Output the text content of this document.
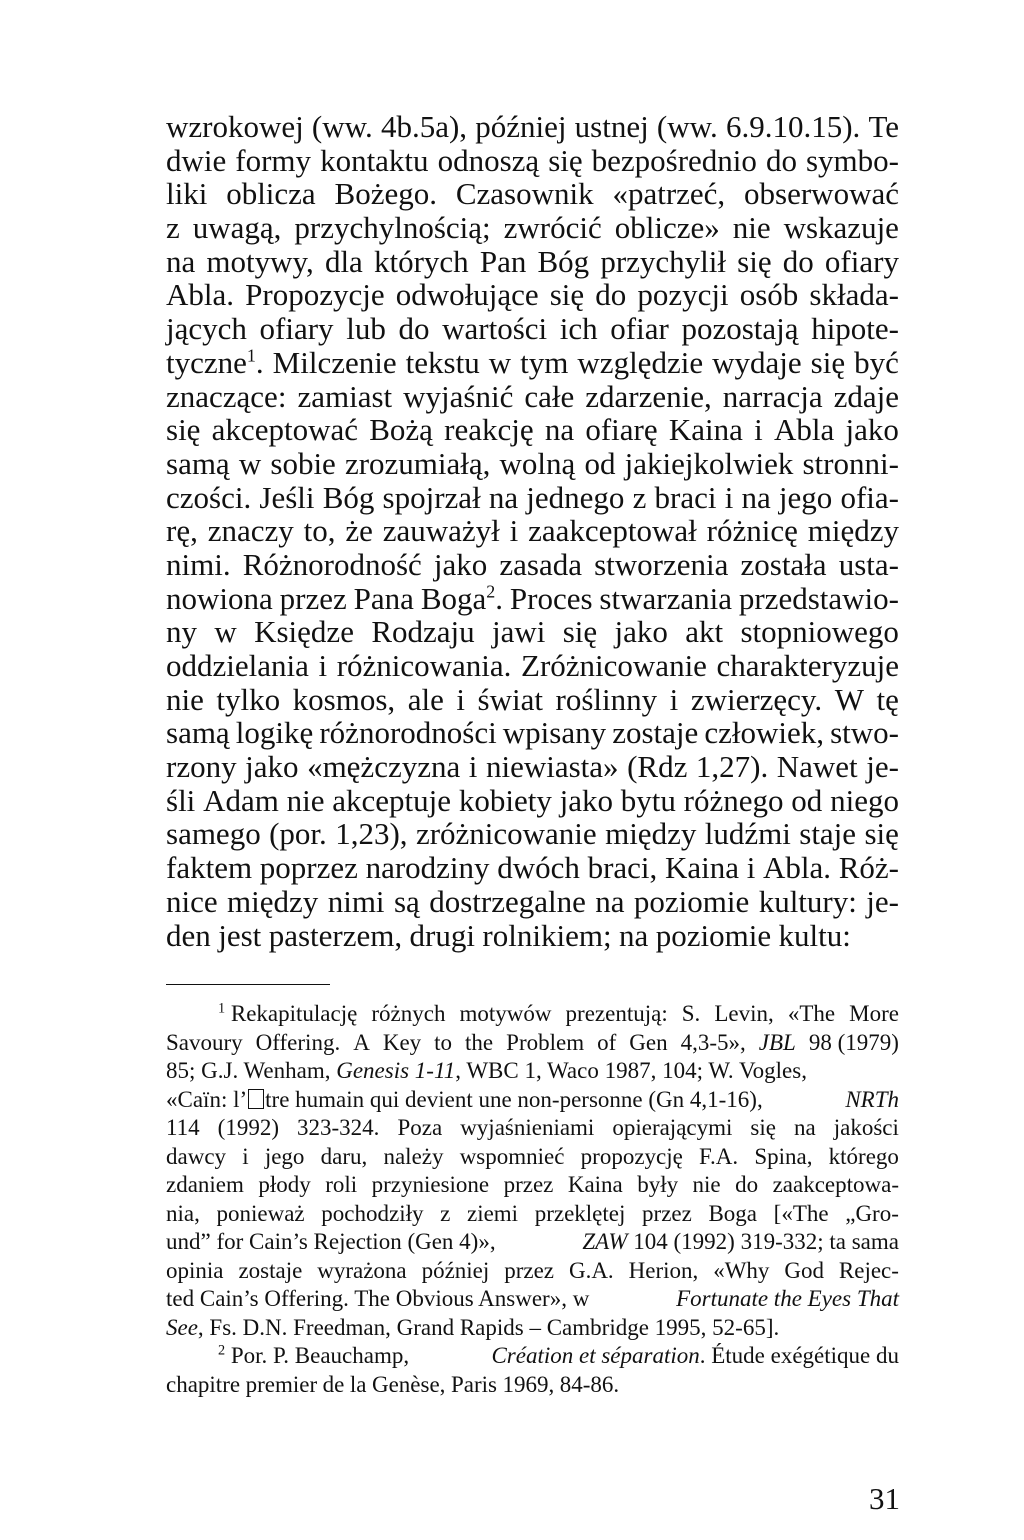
wzrokowej (ww. 4b.5a), później ustnej (ww. 6.9.10.15). Te
dwie formy kontaktu odnoszą się bezpośrednio do symbo-
liki oblicza Bożego. Czasownik «patrzeć, obserwować
z uwagą, przychylnością; zwrócić oblicze» nie wskazuje
na motywy, dla których Pan Bóg przychylił się do ofiary
Abla. Propozycje odwołujące się do pozycji osób składa-
jących ofiary lub do wartości ich ofiar pozostają hipote-
tyczne$^1$. Milczenie tekstu w tym względzie wydaje się być
znaczące: zamiast wyjaśnić całe zdarzenie, narracja zdaje
się akceptować Bożą reakcję na ofiarę Kaina i Abla jako
samą w sobie zrozumiałą, wolną od jakiejkolwiek stronni-
czości. Jeśli Bóg spojrzał na jednego z braci i na jego ofia-
rę, znaczy to, że zauważył i zaakceptował różnicę między
nimi. Różnorodność jako zasada stworzenia została usta-
nowiona przez Pana Boga$^2$. Proces stwarzania przedstawio-
ny w Księdze Rodzaju jawi się jako akt stopniowego
oddzielania i różnicowania. Zróżnicowanie charakteryzuje
nie tylko kosmos, ale i świat roślinny i zwierzęcy. W tę
samą logikę różnorodności wpisany zostaje człowiek, stwo-
rzony jako «mężczyzna i niewiasta» (Rdz 1,27). Nawet je-
śli Adam nie akceptuje kobiety jako bytu różnego od niego
samego (por. 1,23), zróżnicowanie między ludźmi staje się
faktem poprzez narodziny dwóch braci, Kaina i Abla. Róż-
nice między nimi są dostrzegalne na poziomie kultury: je-
den jest pasterzem, drugi rolnikiem; na poziomie kultu:
$^1$ Rekapitulację różnych motywów prezentują: S. Levin, «The More
Savoury Offering. A Key to the Problem of Gen 4,3-5», JBL 98 (1979)
85; G.J. Wenham, Genesis 1-11, WBC 1, Waco 1987, 104; W. Vogles,
«Caïn: l’ tre humain qui devient une non-personne (Gn 4,1-16),	NRTh
114 (1992) 323-324. Poza wyjaśnieniami opierającymi się na jakości
dawcy i jego daru, należy wspomnieć propozycję F.A. Spina, którego
zdaniem płody roli przyniesione przez Kaina były nie do zaakceptowa-
nia, ponieważ pochodziły z ziemi przeklętej przez Boga [«The „Gro-
und” for Cain’s Rejection (Gen 4)»,	ZAW 104 (1992) 319-332; ta sama
opinia zostaje wyrażona później przez G.A. Herion, «Why God Rejec-
ted Cain’s Offering. The Obvious Answer», w	Fortunate the Eyes That
See, Fs. D.N. Freedman, Grand Rapids – Cambridge 1995, 52-65].
$^2$ Por. P. Beauchamp,	Création et séparation. Étude exégétique du
chapitre premier de la Genèse, Paris 1969, 84-86.
31
